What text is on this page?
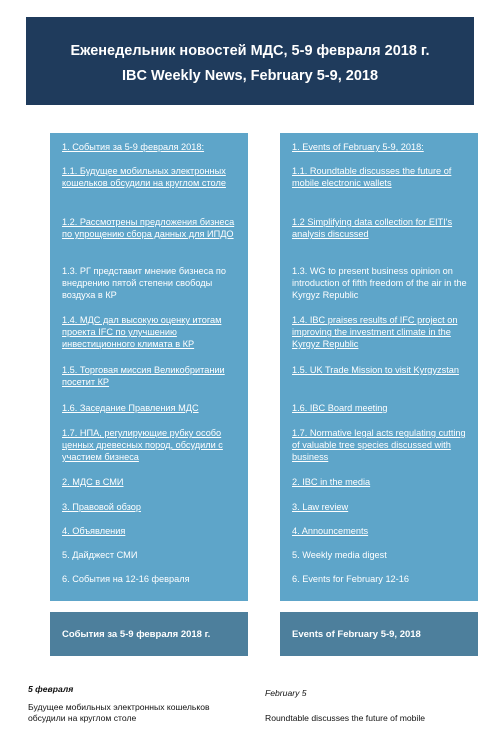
Еженедельник новостей МДС, 5-9 февраля 2018 г.
IBC Weekly News, February 5-9, 2018
1. События за 5-9 февраля 2018:
1.1. Будущее мобильных электронных кошельков обсудили на круглом столе
1.2. Рассмотрены предложения бизнеса по упрощению сбора данных для ИПДО
1.3. РГ представит мнение бизнеса по внедрению пятой степени свободы воздуха в КР
1.4. МДС дал высокую оценку итогам проекта IFC по улучшению инвестиционного климата в КР
1.5. Торговая миссия Великобритании посетит КР
1.6. Заседание Правления МДС
1.7. НПА, регулирующие рубку особо ценных древесных пород, обсудили с участием бизнеса
2. МДС в СМИ
3. Правовой обзор
4. Объявления
5. Дайджест СМИ
6. События на 12-16 февраля
1. Events of February 5-9, 2018:
1.1. Roundtable discusses the future of mobile electronic wallets
1.2 Simplifying data collection for EITI's analysis discussed
1.3. WG to present business opinion on introduction of fifth freedom of the air in the Kyrgyz Republic
1.4. IBC praises results of IFC project on improving the investment climate in the Kyrgyz Republic
1.5. UK Trade Mission to visit Kyrgyzstan
1.6. IBC Board meeting
1.7. Normative legal acts regulating cutting of valuable tree species discussed with business
2. IBC in the media
3. Law review
4. Announcements
5. Weekly media digest
6. Events for February 12-16
События за 5-9 февраля 2018 г.	Events of February 5-9, 2018
5 февраля
Будущее мобильных электронных кошельков
обсудили на круглом столе
February 5
Roundtable discusses the future of mobile
